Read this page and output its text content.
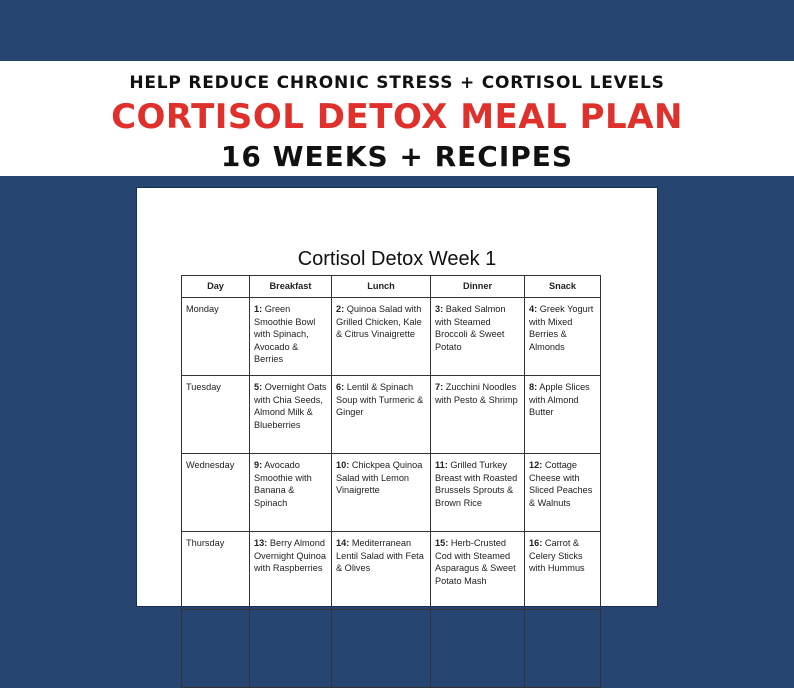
HELP REDUCE CHRONIC STRESS + CORTISOL LEVELS
CORTISOL DETOX MEAL PLAN
16 WEEKS + RECIPES
Cortisol Detox Week 1
Day	Breakfast	Lunch	Dinner	Snack
Monday	1: Green Smoothie Bowl with Spinach, Avocado & Berries	2: Quinoa Salad with Grilled Chicken, Kale & Citrus Vinaigrette	3: Baked Salmon with Steamed Broccoli & Sweet Potato	4: Greek Yogurt with Mixed Berries & Almonds
Tuesday	5: Overnight Oats with Chia Seeds, Almond Milk & Blueberries	6: Lentil & Spinach Soup with Turmeric & Ginger	7: Zucchini Noodles with Pesto & Shrimp	8: Apple Slices with Almond Butter
Wednesday	9: Avocado Smoothie with Banana & Spinach	10: Chickpea Quinoa Salad with Lemon Vinaigrette	11: Grilled Turkey Breast with Roasted Brussels Sprouts & Brown Rice	12: Cottage Cheese with Sliced Peaches & Walnuts
Thursday	13: Berry Almond Overnight Quinoa with Raspberries	14: Mediterranean Lentil Salad with Feta & Olives	15: Herb-Crusted Cod with Steamed Asparagus & Sweet Potato Mash	16: Carrot & Celery Sticks with Hummus
